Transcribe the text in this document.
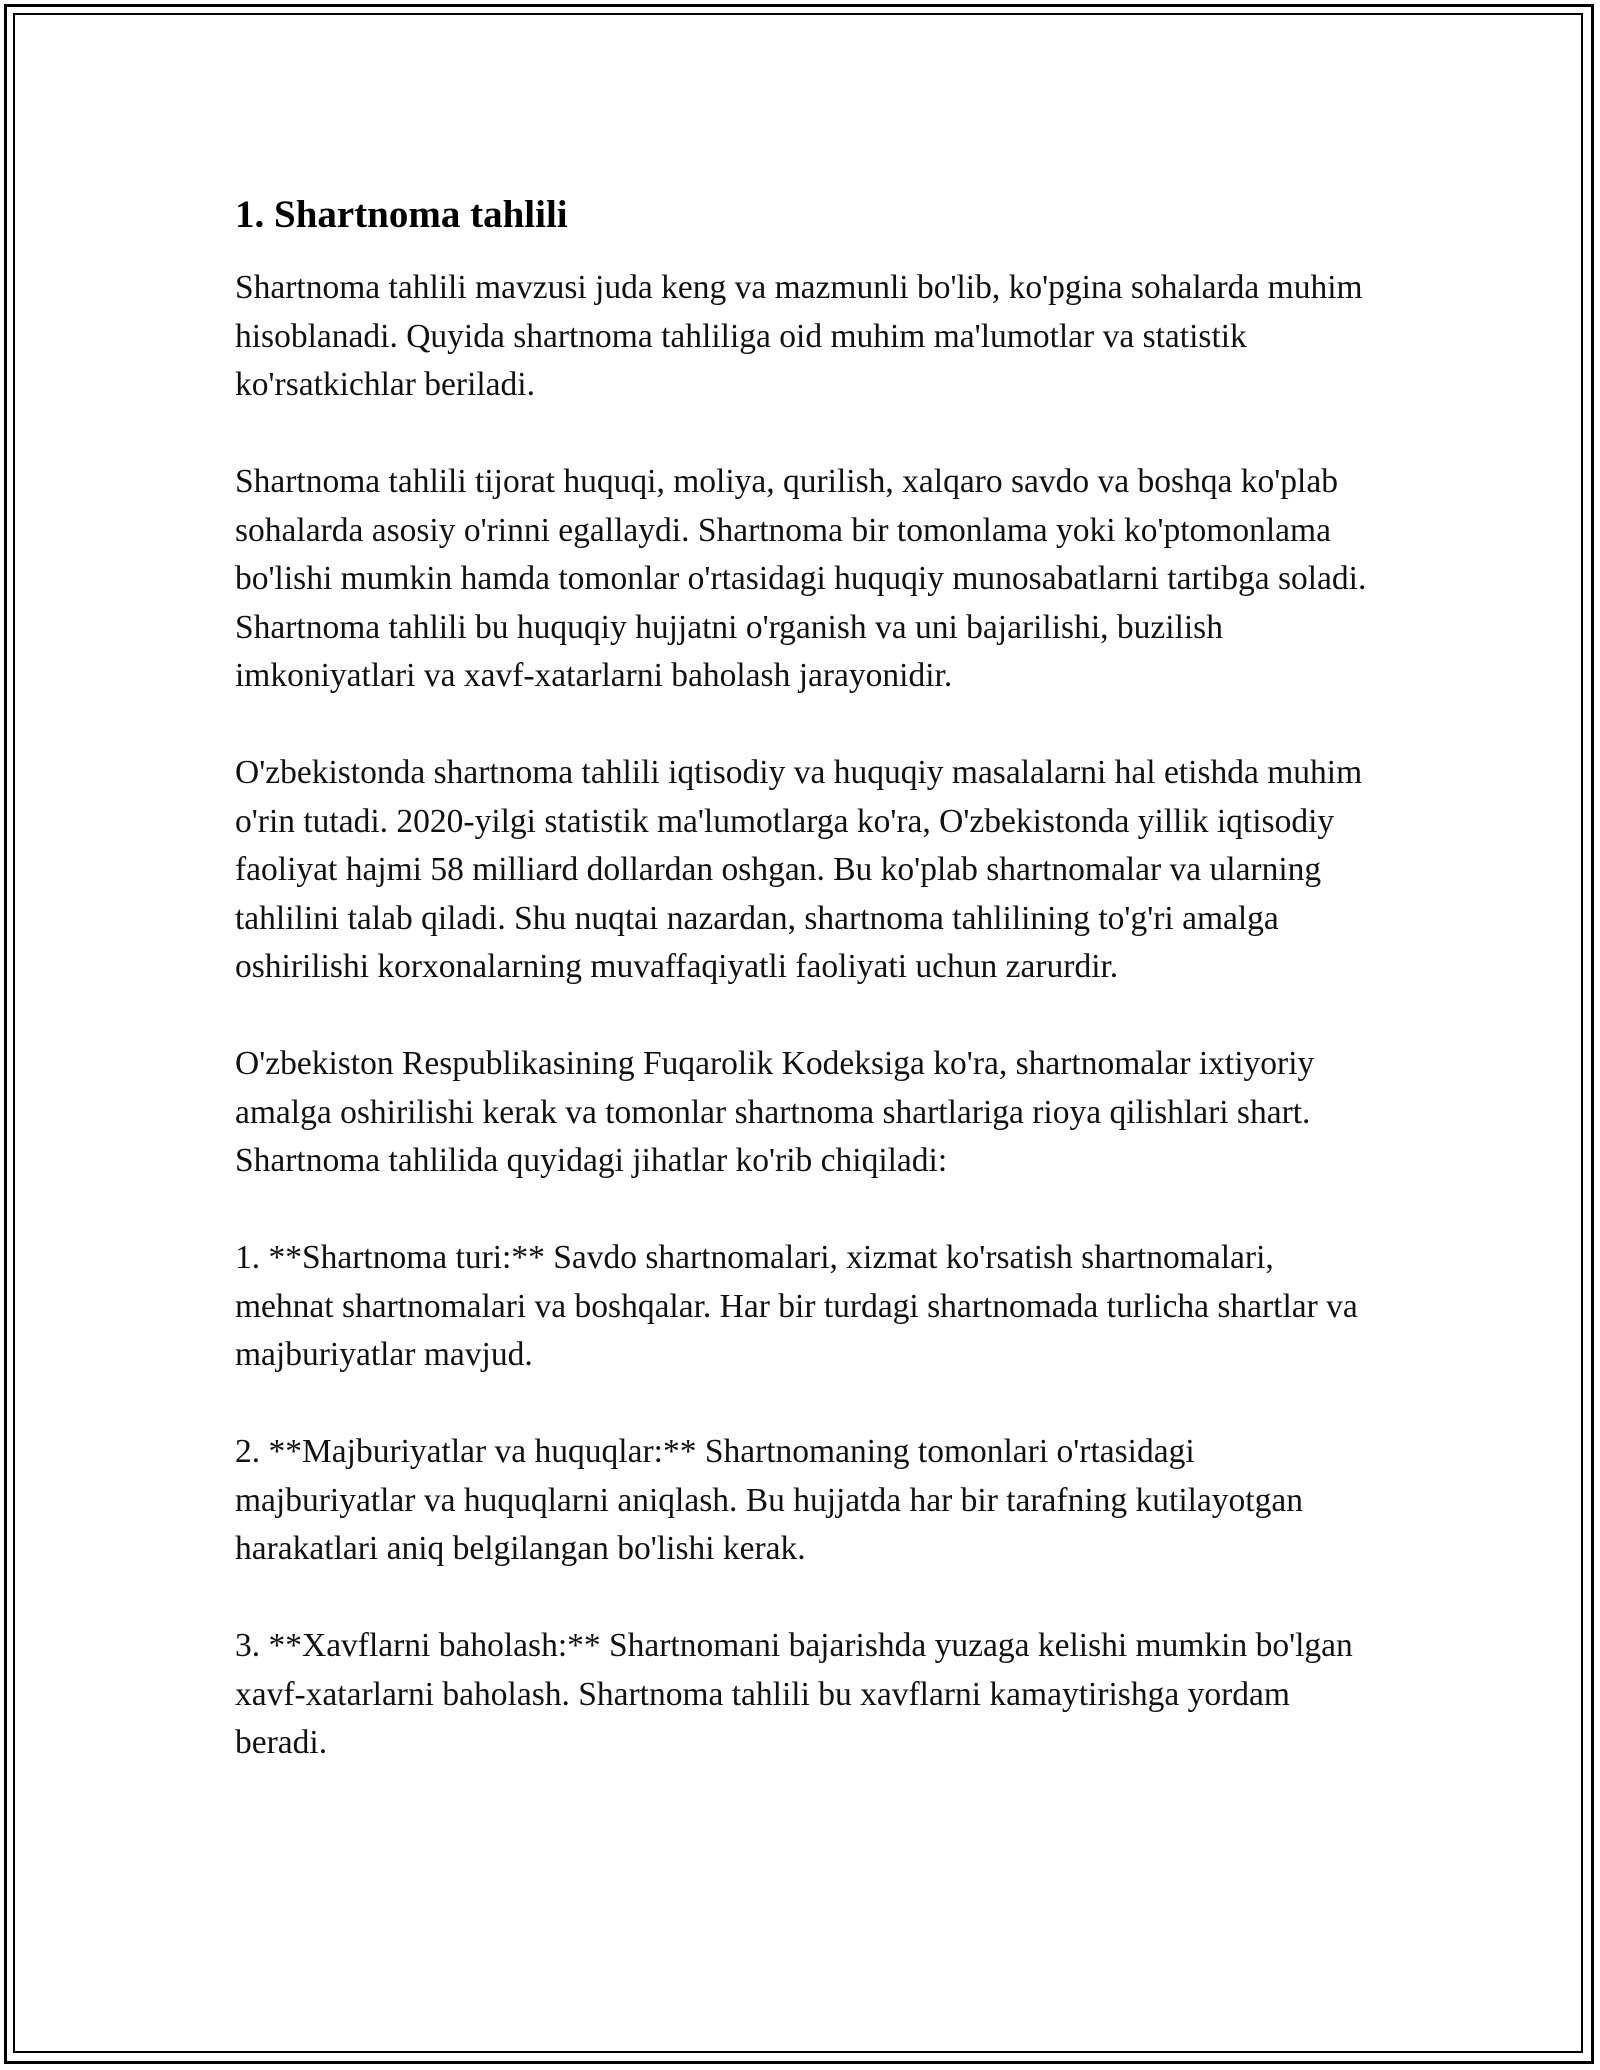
1. Shartnoma tahlili

Shartnoma tahlili mavzusi juda keng va mazmunli bo'lib, ko'pgina sohalarda muhim hisoblanadi. Quyida shartnoma tahliliga oid muhim ma'lumotlar va statistik ko'rsatkichlar beriladi.

Shartnoma tahlili tijorat huquqi, moliya, qurilish, xalqaro savdo va boshqa ko'plab sohalarda asosiy o'rinni egallaydi. Shartnoma bir tomonlama yoki ko'ptomonlama bo'lishi mumkin hamda tomonlar o'rtasidagi huquqiy munosabatlarni tartibga soladi. Shartnoma tahlili bu huquqiy hujjatni o'rganish va uni bajarilishi, buzilish imkoniyatlari va xavf-xatarlarni baholash jarayonidir.

O'zbekistonda shartnoma tahlili iqtisodiy va huquqiy masalalarni hal etishda muhim o'rin tutadi. 2020-yilgi statistik ma'lumotlarga ko'ra, O'zbekistonda yillik iqtisodiy faoliyat hajmi 58 milliard dollardan oshgan. Bu ko'plab shartnomalar va ularning tahlilini talab qiladi. Shu nuqtai nazardan, shartnoma tahlilining to'g'ri amalga oshirilishi korxonalarning muvaffaqiyatli faoliyati uchun zarurdir.

O'zbekiston Respublikasining Fuqarolik Kodeksiga ko'ra, shartnomalar ixtiyoriy amalga oshirilishi kerak va tomonlar shartnoma shartlariga rioya qilishlari shart. Shartnoma tahlilida quyidagi jihatlar ko'rib chiqiladi:

1. **Shartnoma turi:** Savdo shartnomalari, xizmat ko'rsatish shartnomalari, mehnat shartnomalari va boshqalar. Har bir turdagi shartnomada turlicha shartlar va majburiyatlar mavjud.

2. **Majburiyatlar va huquqlar:** Shartnomaning tomonlari o'rtasidagi majburiyatlar va huquqlarni aniqlash. Bu hujjatda har bir tarafning kutilayotgan harakatlari aniq belgilangan bo'lishi kerak.

3. **Xavflarni baholash:** Shartnomani bajarishda yuzaga kelishi mumkin bo'lgan xavf-xatarlarni baholash. Shartnoma tahlili bu xavflarni kamaytirishga yordam beradi.
